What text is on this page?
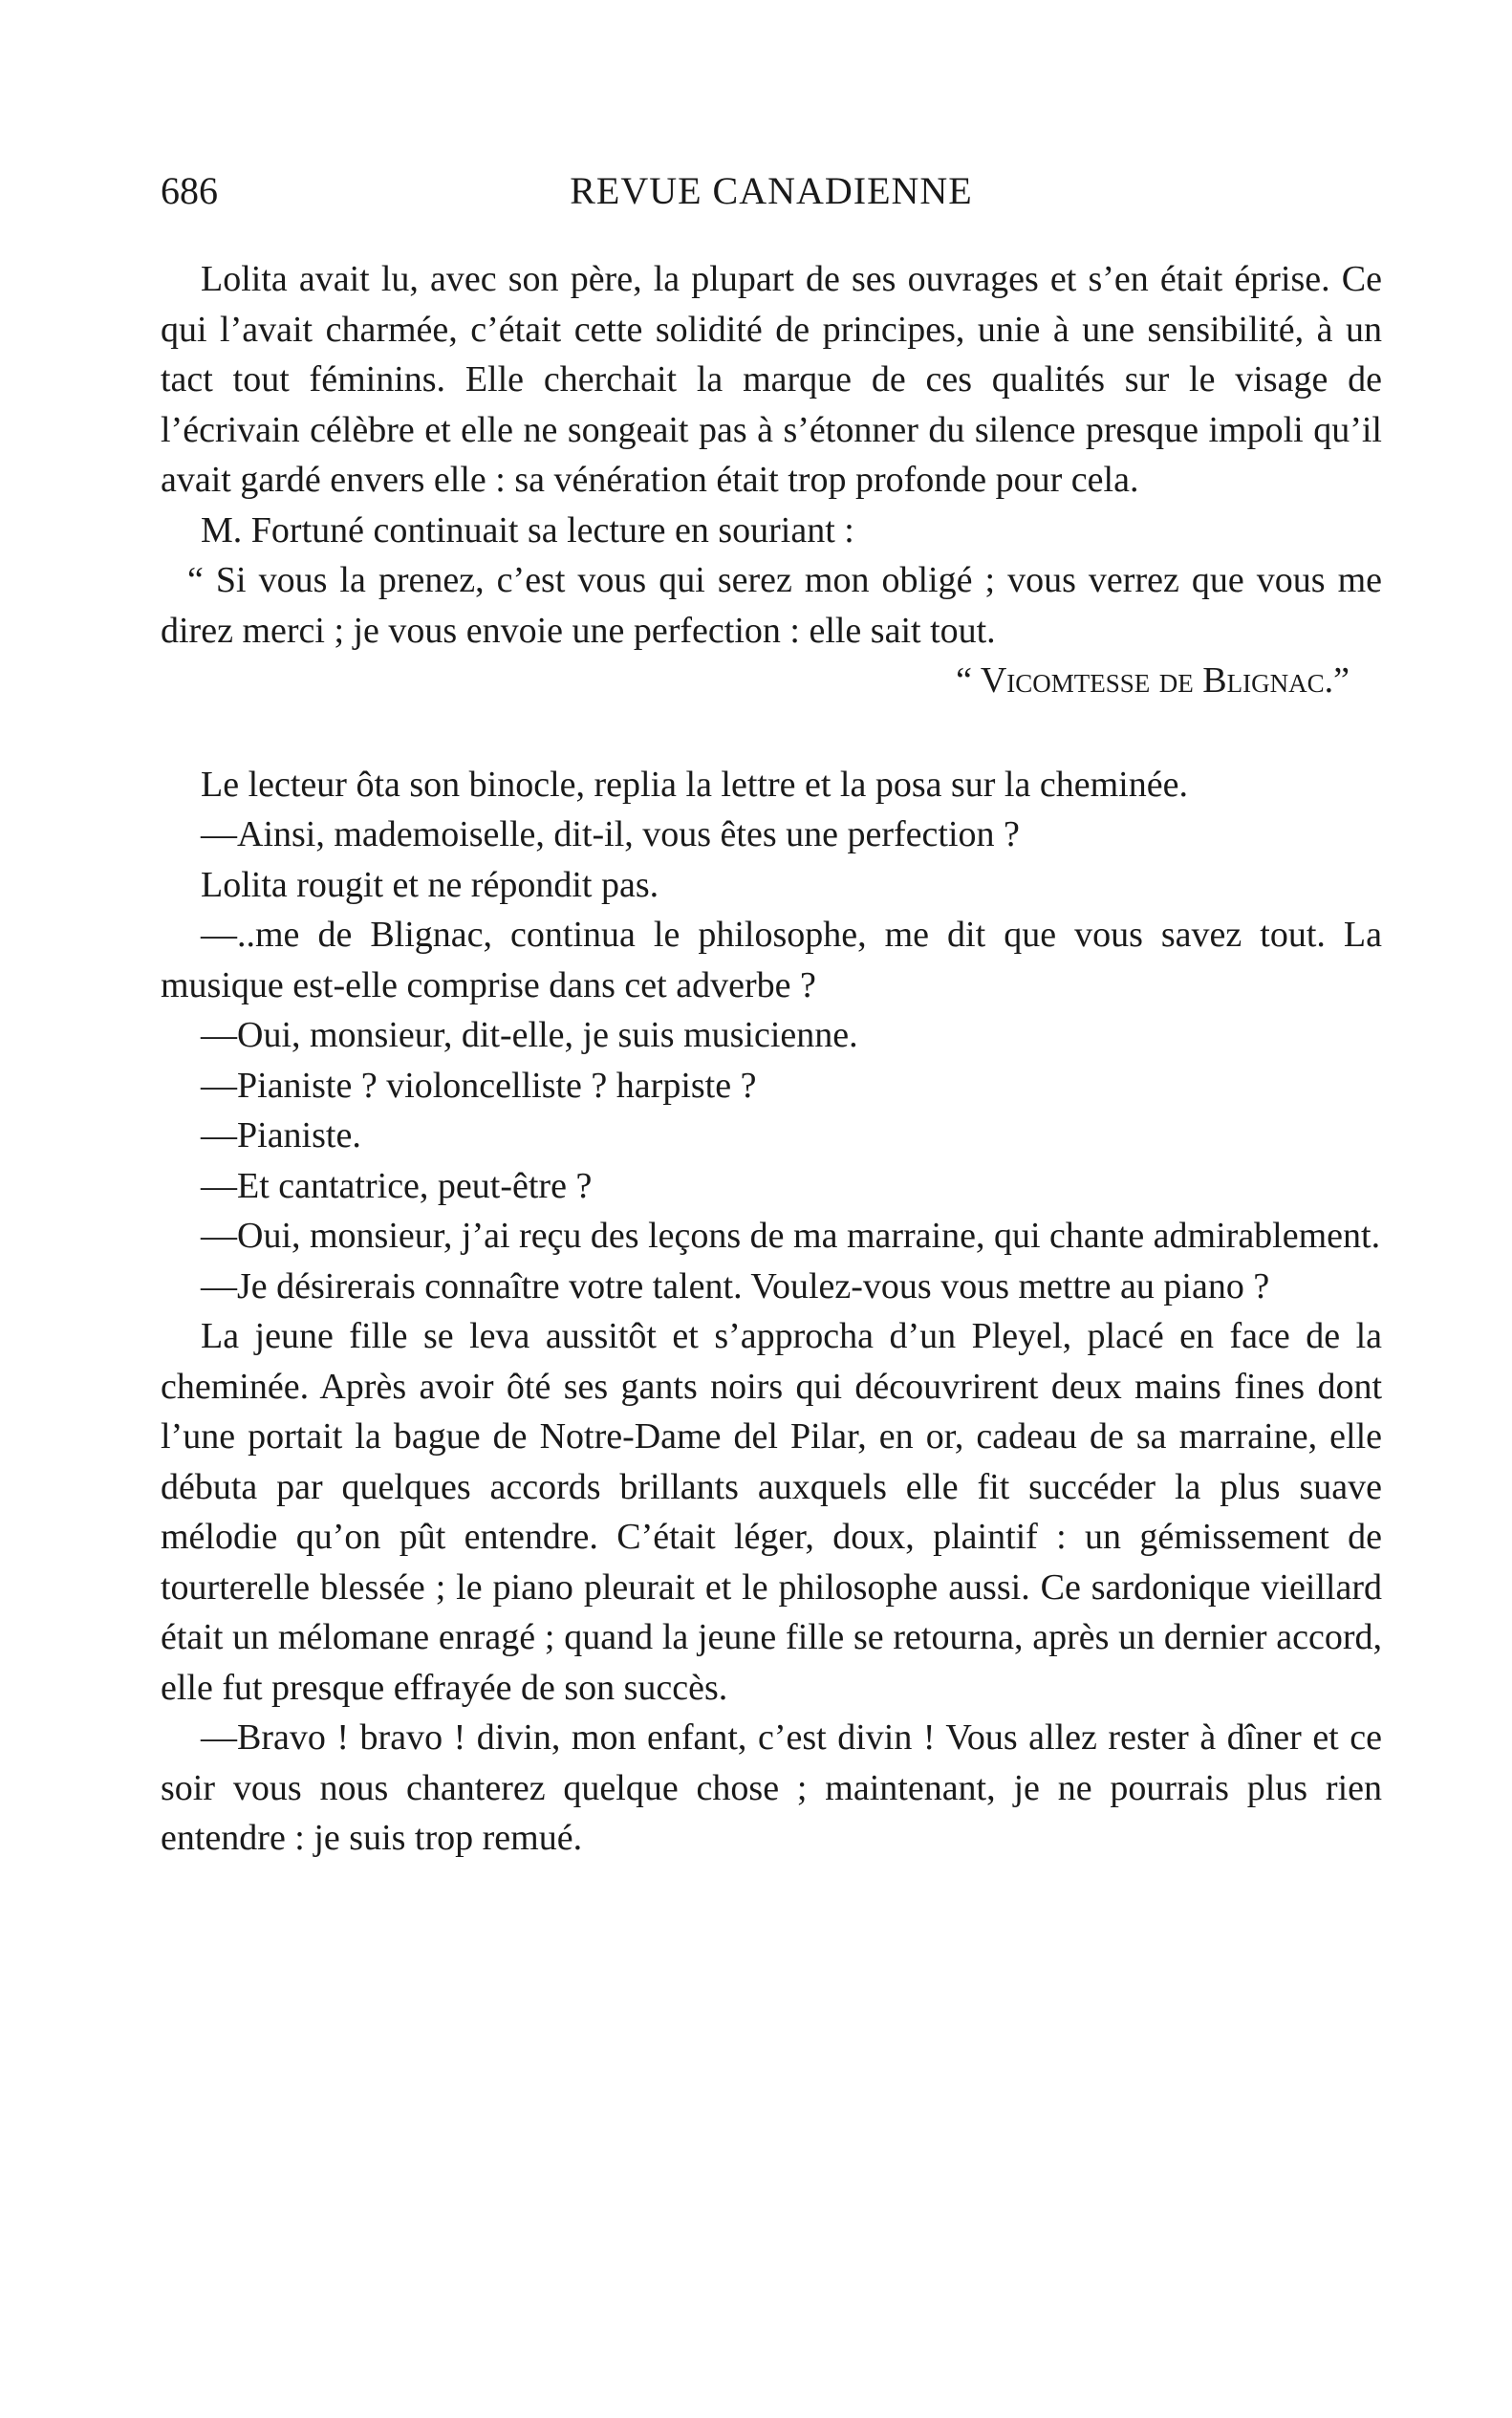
686	REVUE CANADIENNE

Lolita avait lu, avec son père, la plupart de ses ouvrages et s’en était éprise. Ce qui l’avait charmée, c’était cette solidité de principes, unie à une sensibilité, à un tact tout féminins. Elle cherchait la marque de ces qualités sur le visage de l’écrivain célèbre et elle ne songeait pas à s’étonner du silence presque impoli qu’il avait gardé envers elle : sa vénération était trop profonde pour cela.

M. Fortuné continuait sa lecture en souriant :

“ Si vous la prenez, c’est vous qui serez mon obligé ; vous verrez que vous me direz merci ; je vous envoie une perfection : elle sait tout.

“ Vicomtesse de Blignac.”

Le lecteur ôta son binocle, replia la lettre et la posa sur la cheminée.

—Ainsi, mademoiselle, dit-il, vous êtes une perfection ?

Lolita rougit et ne répondit pas.

—..me de Blignac, continua le philosophe, me dit que vous savez tout. La musique est-elle comprise dans cet adverbe ?

—Oui, monsieur, dit-elle, je suis musicienne.

—Pianiste ? violoncelliste ? harpiste ?

—Pianiste.

—Et cantatrice, peut-être ?

—Oui, monsieur, j’ai reçu des leçons de ma marraine, qui chante admirablement.

—Je désirerais connaître votre talent. Voulez-vous vous mettre au piano ?

La jeune fille se leva aussitôt et s’approcha d’un Pleyel, placé en face de la cheminée. Après avoir ôté ses gants noirs qui découvrirent deux mains fines dont l’une portait la bague de Notre-Dame del Pilar, en or, cadeau de sa marraine, elle débuta par quelques accords brillants auxquels elle fit succéder la plus suave mélodie qu’on pût entendre. C’était léger, doux, plaintif : un gémissement de tourterelle blessée ; le piano pleurait et le philosophe aussi. Ce sardonique vieillard était un mélomane enragé ; quand la jeune fille se retourna, après un dernier accord, elle fut presque effrayée de son succès.

—Bravo ! bravo ! divin, mon enfant, c’est divin ! Vous allez rester à dîner et ce soir vous nous chanterez quelque chose ; maintenant, je ne pourrais plus rien entendre : je suis trop remué.
